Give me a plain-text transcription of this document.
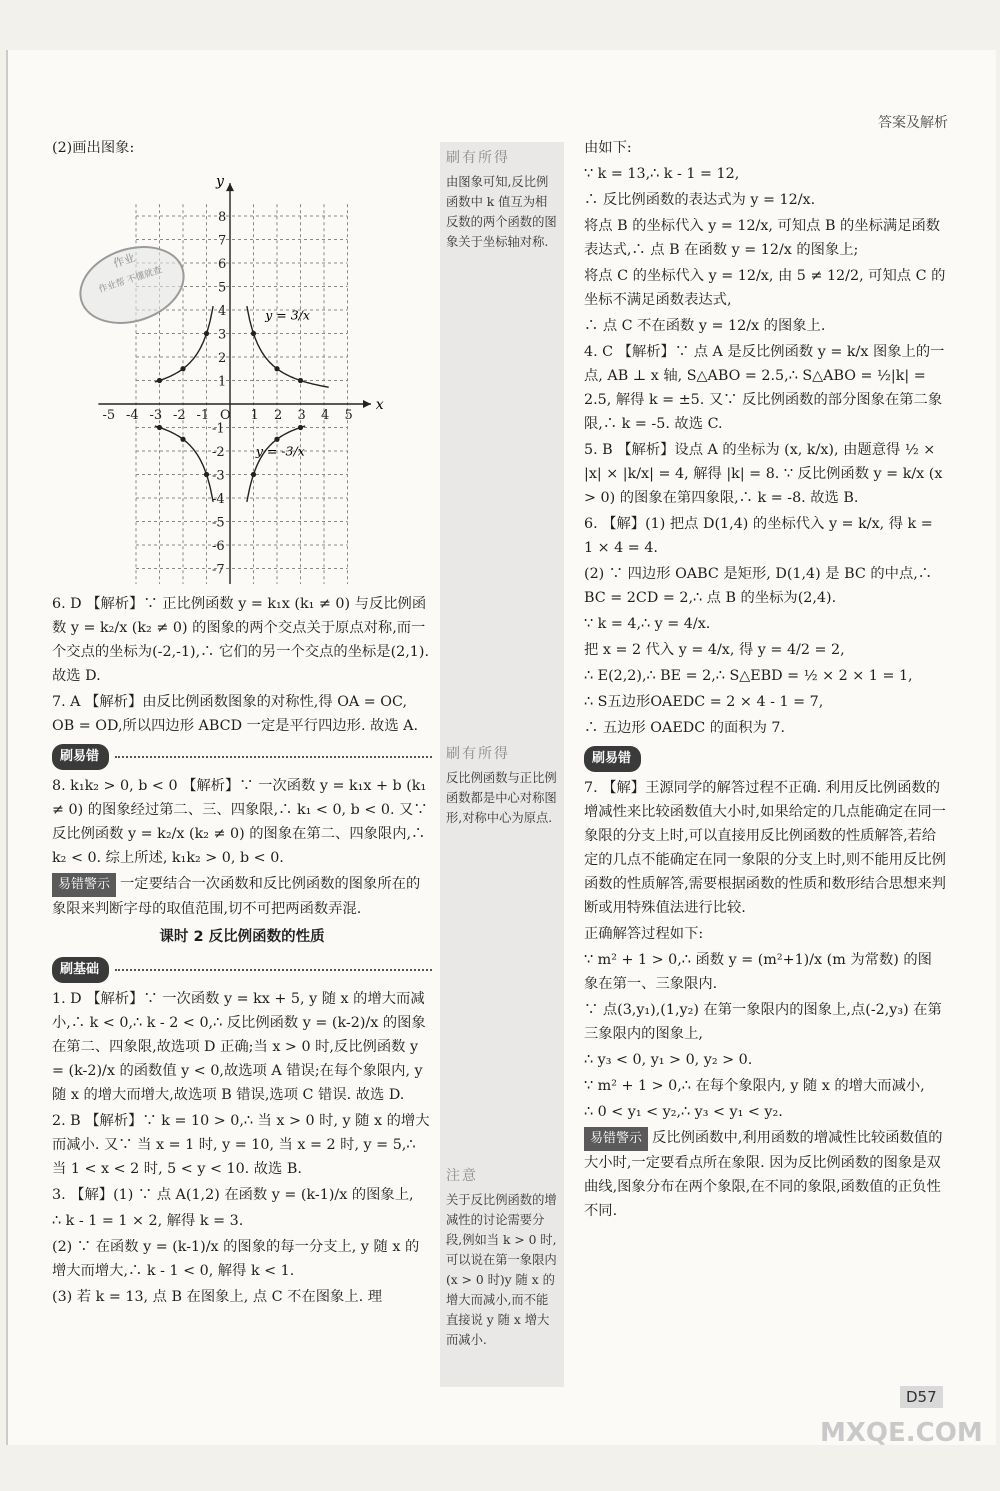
答案及解析

(2)画出图象:

-5 -4 -3 -2 -1 O 1 2 3 4 5
8
7
6
5
4
3
2
1
-1
-2
-3
-4
-5
-6
-7
x
y
y = 3/x
y = -3/x

6. D 【解析】∵ 正比例函数 y = k₁x (k₁ ≠ 0) 与反比例函数 y = k₂/x (k₂ ≠ 0) 的图象的两个交点关于原点对称,而一个交点的坐标为(-2,-1),∴ 它们的另一个交点的坐标是(2,1). 故选 D.

7. A 【解析】由反比例函数图象的对称性,得 OA = OC, OB = OD,所以四边形 ABCD 一定是平行四边形. 故选 A.

刷易错

8. k₁k₂ > 0, b < 0 【解析】∵ 一次函数 y = k₁x + b (k₁ ≠ 0) 的图象经过第二、三、四象限,∴ k₁ < 0, b < 0. 又∵ 反比例函数 y = k₂/x (k₂ ≠ 0) 的图象在第二、四象限内,∴ k₂ < 0. 综上所述, k₁k₂ > 0, b < 0.

易错警示 一定要结合一次函数和反比例函数的图象所在的象限来判断字母的取值范围,切不可把两函数弄混.

课时 2 反比例函数的性质
刷基础

1. D 【解析】∵ 一次函数 y = kx + 5, y 随 x 的增大而减小,∴ k < 0,∴ k - 2 < 0,∴ 反比例函数 y = (k-2)/x 的图象在第二、四象限,故选项 D 正确;当 x > 0 时,反比例函数 y = (k-2)/x 的函数值 y < 0,故选项 A 错误;在每个象限内, y 随 x 的增大而增大,故选项 B 错误,选项 C 错误. 故选 D.

2. B 【解析】∵ k = 10 > 0,∴ 当 x > 0 时, y 随 x 的增大而减小. 又∵ 当 x = 1 时, y = 10, 当 x = 2 时, y = 5,∴ 当 1 < x < 2 时, 5 < y < 10. 故选 B.

3. 【解】(1) ∵ 点 A(1,2) 在函数 y = (k-1)/x 的图象上,

∴ k - 1 = 1 × 2, 解得 k = 3.

(2) ∵ 在函数 y = (k-1)/x 的图象的每一分支上, y 随 x 的增大而增大,∴ k - 1 < 0, 解得 k < 1.

(3) 若 k = 13, 点 B 在图象上, 点 C 不在图象上. 理

作业
作业帮 不懂就查
刷有所得
由图象可知,反比例函数中 k 值互为相反数的两个函数的图象关于坐标轴对称.
刷有所得
反比例函数与正比例函数都是中心对称图形,对称中心为原点.
注意
关于反比例函数的增减性的讨论需要分段,例如当 k > 0 时,可以说在第一象限内(x > 0 时)y 随 x 的增大而减小,而不能直接说 y 随 x 增大而减小.

由如下:

∵ k = 13,∴ k - 1 = 12,

∴ 反比例函数的表达式为 y = 12/x.

将点 B 的坐标代入 y = 12/x, 可知点 B 的坐标满足函数表达式,∴ 点 B 在函数 y = 12/x 的图象上;

将点 C 的坐标代入 y = 12/x, 由 5 ≠ 12/2, 可知点 C 的坐标不满足函数表达式,

∴ 点 C 不在函数 y = 12/x 的图象上.

4. C 【解析】∵ 点 A 是反比例函数 y = k/x 图象上的一点, AB ⊥ x 轴, S△ABO = 2.5,∴ S△ABO = ½|k| = 2.5, 解得 k = ±5. 又∵ 反比例函数的部分图象在第二象限,∴ k = -5. 故选 C.

5. B 【解析】设点 A 的坐标为 (x, k/x), 由题意得 ½ × |x| × |k/x| = 4, 解得 |k| = 8. ∵ 反比例函数 y = k/x (x > 0) 的图象在第四象限,∴ k = -8. 故选 B.

6. 【解】(1) 把点 D(1,4) 的坐标代入 y = k/x, 得 k = 1 × 4 = 4.

(2) ∵ 四边形 OABC 是矩形, D(1,4) 是 BC 的中点,∴ BC = 2CD = 2,∴ 点 B 的坐标为(2,4).

∵ k = 4,∴ y = 4/x.

把 x = 2 代入 y = 4/x, 得 y = 4/2 = 2,

∴ E(2,2),∴ BE = 2,∴ S△EBD = ½ × 2 × 1 = 1,

∴ S五边形OAEDC = 2 × 4 - 1 = 7,

∴ 五边形 OAEDC 的面积为 7.

刷易错

7. 【解】王源同学的解答过程不正确. 利用反比例函数的增减性来比较函数值大小时,如果给定的几点能确定在同一象限的分支上时,可以直接用反比例函数的性质解答,若给定的几点不能确定在同一象限的分支上时,则不能用反比例函数的性质解答,需要根据函数的性质和数形结合思想来判断或用特殊值法进行比较.

正确解答过程如下:

∵ m² + 1 > 0,∴ 函数 y = (m²+1)/x (m 为常数) 的图象在第一、三象限内.

∵ 点(3,y₁),(1,y₂) 在第一象限内的图象上,点(-2,y₃) 在第三象限内的图象上,

∴ y₃ < 0, y₁ > 0, y₂ > 0.

∵ m² + 1 > 0,∴ 在每个象限内, y 随 x 的增大而减小,

∴ 0 < y₁ < y₂,∴ y₃ < y₁ < y₂.

易错警示 反比例函数中,利用函数的增减性比较函数值的大小时,一定要看点所在象限. 因为反比例函数的图象是双曲线,图象分布在两个象限,在不同的象限,函数值的正负性不同.

D57
MXQE.COM
